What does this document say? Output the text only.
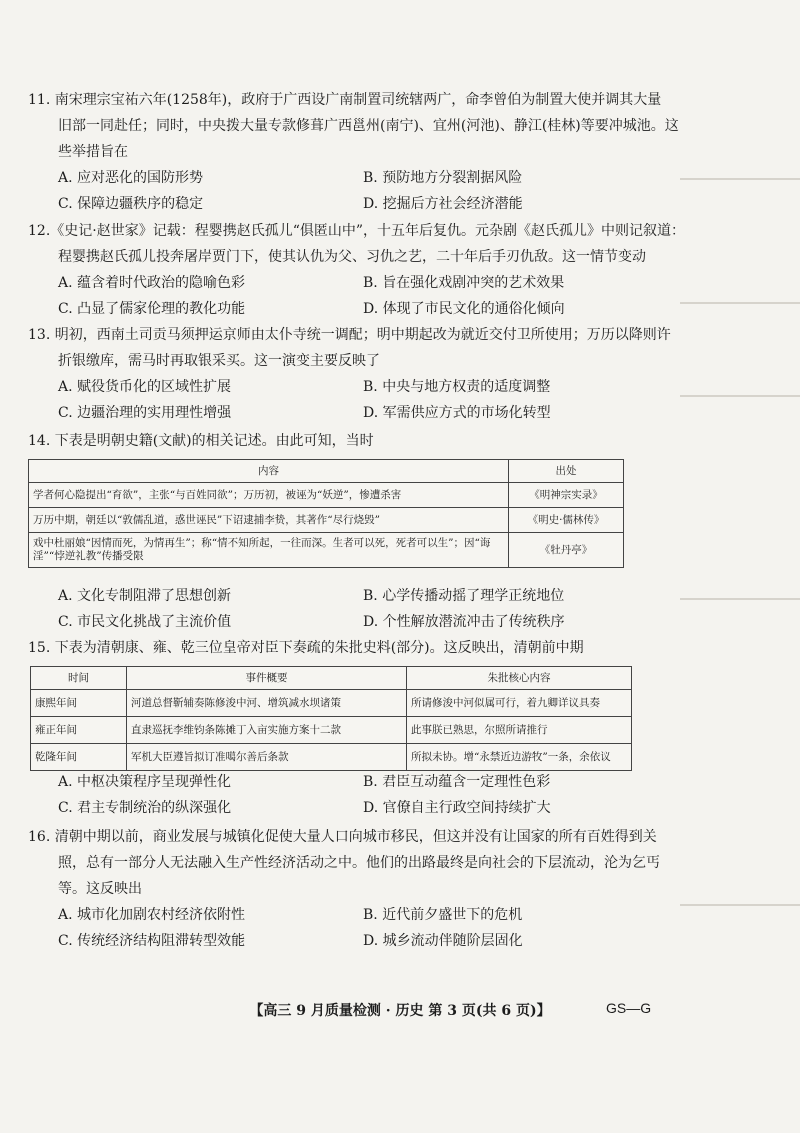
11. 南宋理宗宝祐六年(1258年)，政府于广西设广南制置司统辖两广，命李曾伯为制置大使并调其大量
旧部一同赴任；同时，中央拨大量专款修葺广西邕州(南宁)、宜州(河池)、静江(桂林)等要冲城池。这
些举措旨在
A. 应对恶化的国防形势	B. 预防地方分裂割据风险
C. 保障边疆秩序的稳定	D. 挖掘后方社会经济潜能
12.《史记·赵世家》记载：程婴携赵氏孤儿“俱匿山中”，十五年后复仇。元杂剧《赵氏孤儿》中则记叙道：
程婴携赵氏孤儿投奔屠岸贾门下，使其认仇为父、习仇之艺，二十年后手刃仇敌。这一情节变动
A. 蕴含着时代政治的隐喻色彩	B. 旨在强化戏剧冲突的艺术效果
C. 凸显了儒家伦理的教化功能	D. 体现了市民文化的通俗化倾向
13. 明初，西南土司贡马须押运京师由太仆寺统一调配；明中期起改为就近交付卫所使用；万历以降则许
折银缴库，需马时再取银采买。这一演变主要反映了
A. 赋役货币化的区域性扩展	B. 中央与地方权责的适度调整
C. 边疆治理的实用理性增强	D. 军需供应方式的市场化转型
14. 下表是明朝史籍(文献)的相关记述。由此可知，当时
内容	出处
学者何心隐提出“育欲”，主张“与百姓同欲”；万历初，被诬为“妖逆”，惨遭杀害	《明神宗实录》
万历中期，朝廷以“敦儒乱道，惑世诬民”下诏逮捕李贽，其著作“尽行烧毁”	《明史·儒林传》
戏中杜丽娘“因情而死，为情再生”；称“情不知所起，一往而深。生者可以死，死者可以生”；因“诲淫”“悖逆礼教”传播受限	《牡丹亭》
A. 文化专制阻滞了思想创新	B. 心学传播动摇了理学正统地位
C. 市民文化挑战了主流价值	D. 个性解放潜流冲击了传统秩序
15. 下表为清朝康、雍、乾三位皇帝对臣下奏疏的朱批史料(部分)。这反映出，清朝前中期
时间	事件概要	朱批核心内容
康熙年间	河道总督靳辅奏陈修浚中河、增筑减水坝诸策	所请修浚中河似属可行，着九卿详议具奏
雍正年间	直隶巡抚李维钧条陈摊丁入亩实施方案十二款	此事朕已熟思，尔照所请推行
乾隆年间	军机大臣遵旨拟订准噶尔善后条款	所拟未协。增“永禁近边游牧”一条，余依议
A. 中枢决策程序呈现弹性化	B. 君臣互动蕴含一定理性色彩
C. 君主专制统治的纵深强化	D. 官僚自主行政空间持续扩大
16. 清朝中期以前，商业发展与城镇化促使大量人口向城市移民，但这并没有让国家的所有百姓得到关
照，总有一部分人无法融入生产性经济活动之中。他们的出路最终是向社会的下层流动，沦为乞丐
等。这反映出
A. 城市化加剧农村经济依附性	B. 近代前夕盛世下的危机
C. 传统经济结构阻滞转型效能	D. 城乡流动伴随阶层固化
【高三 9 月质量检测 · 历史 第 3 页(共 6 页)】	GS—G
